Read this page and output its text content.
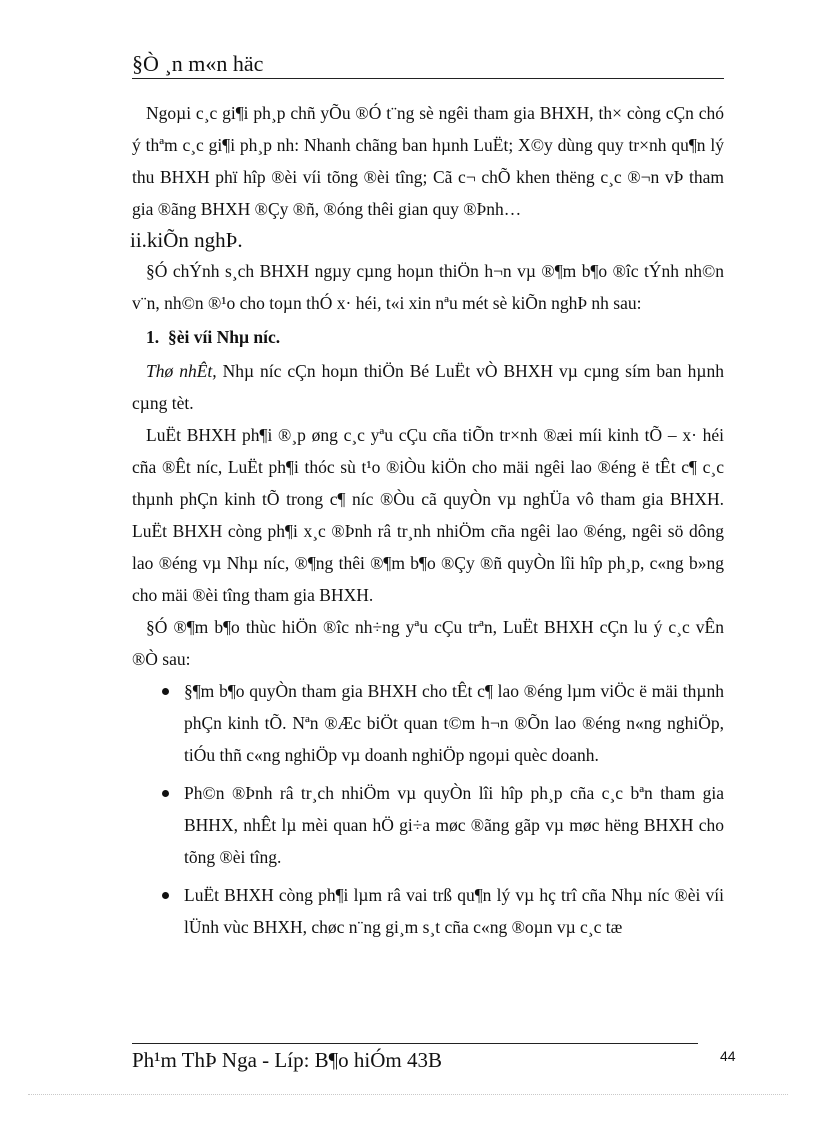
§Ò ¸n m«n häc

Ngoµi c¸c gi¶i ph¸p chñ yÕu ®Ó t¨ng sè ngêi tham gia BHXH, th× còng cÇn chó ý thªm c¸c gi¶i ph¸p nh: Nhanh chãng ban hµnh LuËt; X©y dùng quy tr×nh qu¶n lý thu BHXH phï hîp ®èi víi tõng ®èi tîng; Cã c¬ chÕ khen thëng c¸c ®¬n vÞ tham gia ®ãng BHXH ®Çy ®ñ, ®óng thêi gian quy ®Þnh…

ii.kiÕn nghÞ.

§Ó chÝnh s¸ch BHXH ngµy cµng hoµn thiÖn h¬n vµ ®¶m b¶o ®îc tÝnh nh©n v¨n, nh©n ®¹o cho toµn thÓ x· héi, t«i xin nªu mét sè kiÕn nghÞ nh sau:

1. §èi víi Nhµ níc.

Thø nhÊt, Nhµ níc cÇn hoµn thiÖn Bé LuËt vÒ BHXH vµ cµng sím ban hµnh cµng tèt.

LuËt BHXH ph¶i ®¸p øng c¸c yªu cÇu cña tiÕn tr×nh ®æi míi kinh tÕ – x· héi cña ®Êt níc, LuËt ph¶i thóc sù t¹o ®iÒu kiÖn cho mäi ngêi lao ®éng ë tÊt c¶ c¸c thµnh phÇn kinh tÕ trong c¶ níc ®Òu cã quyÒn vµ nghÜa vô tham gia BHXH. LuËt BHXH còng ph¶i x¸c ®Þnh râ tr¸nh nhiÖm cña ngêi lao ®éng, ngêi sö dông lao ®éng vµ Nhµ níc, ®¶ng thêi ®¶m b¶o ®Çy ®ñ quyÒn lîi hîp ph¸p, c«ng b»ng cho mäi ®èi tîng tham gia BHXH.

§Ó ®¶m b¶o thùc hiÖn ®îc nh÷ng yªu cÇu trªn, LuËt BHXH cÇn lu ý c¸c vÊn ®Ò sau:

§¶m b¶o quyÒn tham gia BHXH cho tÊt c¶ lao ®éng lµm viÖc ë mäi thµnh phÇn kinh tÕ. Nªn ®Æc biÖt quan t©m h¬n ®Õn lao ®éng n«ng nghiÖp, tiÓu thñ c«ng nghiÖp vµ doanh nghiÖp ngoµi quèc doanh.
Ph©n ®Þnh râ tr¸ch nhiÖm vµ quyÒn lîi hîp ph¸p cña c¸c bªn tham gia BHHX, nhÊt lµ mèi quan hÖ gi÷a møc ®ãng gãp vµ møc hëng BHXH cho tõng ®èi tîng.
LuËt BHXH còng ph¶i lµm râ vai trß qu¶n lý vµ hç trî cña Nhµ níc ®èi víi lÜnh vùc BHXH, chøc n¨ng gi¸m s¸t cña c«ng ®oµn vµ c¸c tæ
Ph¹m ThÞ Nga - Líp: B¶o hiÓm 43B	44
